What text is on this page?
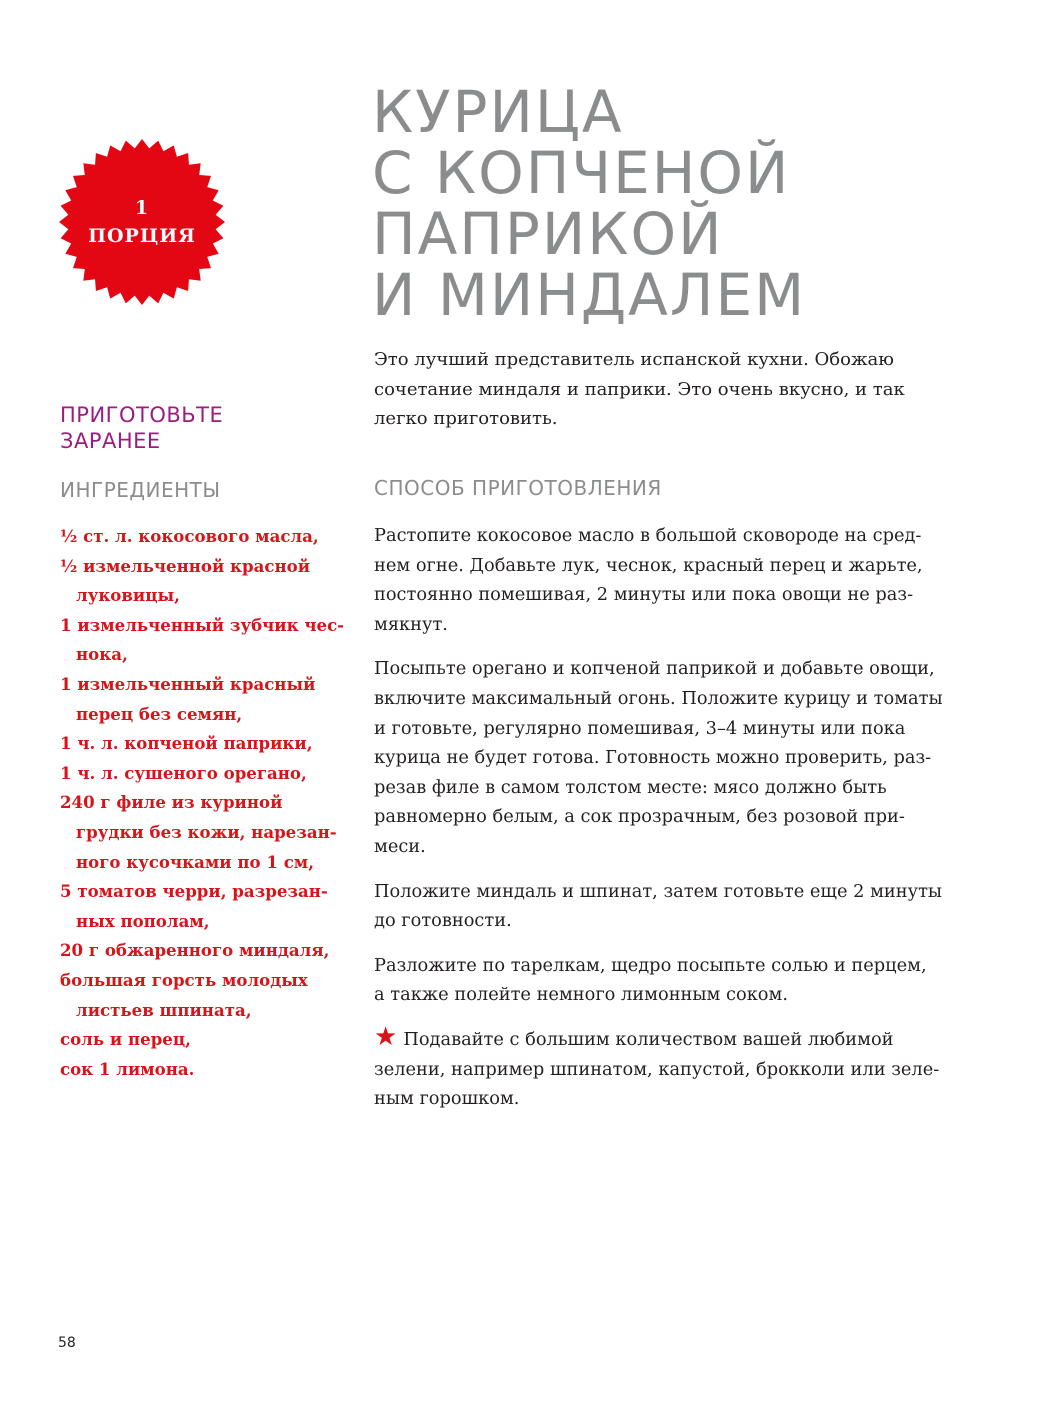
1
ПОРЦИЯ
КУРИЦА
С КОПЧЕНОЙ
ПАПРИКОЙ
И МИНДАЛЕМ

Это лучший представитель испанской кухни. Обожаю
сочетание миндаля и паприки. Это очень вкусно, и так
легко приготовить.

ПРИГОТОВЬТЕ
ЗАРАНЕЕ
ИНГРЕДИЕНТЫ
½ ст. л. кокосового масла,
½ измельченной красной
луковицы,
1 измельченный зубчик чес-
нока,
1 измельченный красный
перец без семян,
1 ч. л. копченой паприки,
1 ч. л. сушеного орегано,
240 г филе из куриной
грудки без кожи, нарезан-
ного кусочками по 1 см,
5 томатов черри, разрезан-
ных пополам,
20 г обжаренного миндаля,
большая горсть молодых
листьев шпината,
соль и перец,
сок 1 лимона.
СПОСОБ ПРИГОТОВЛЕНИЯ

Растопите кокосовое масло в большой сковороде на сред-
нем огне. Добавьте лук, чеснок, красный перец и жарьте,
постоянно помешивая, 2 минуты или пока овощи не раз-
мякнут.

Посыпьте орегано и копченой паприкой и добавьте овощи,
включите максимальный огонь. Положите курицу и томаты
и готовьте, регулярно помешивая, 3–4 минуты или пока
курица не будет готова. Готовность можно проверить, раз-
резав филе в самом толстом месте: мясо должно быть
равномерно белым, а сок прозрачным, без розовой при-
меси.

Положите миндаль и шпинат, затем готовьте еще 2 минуты
до готовности.

Разложите по тарелкам, щедро посыпьте солью и перцем,
а также полейте немного лимонным соком.

★ Подавайте с большим количеством вашей любимой
зелени, например шпинатом, капустой, брокколи или зеле-
ным горошком.

58
